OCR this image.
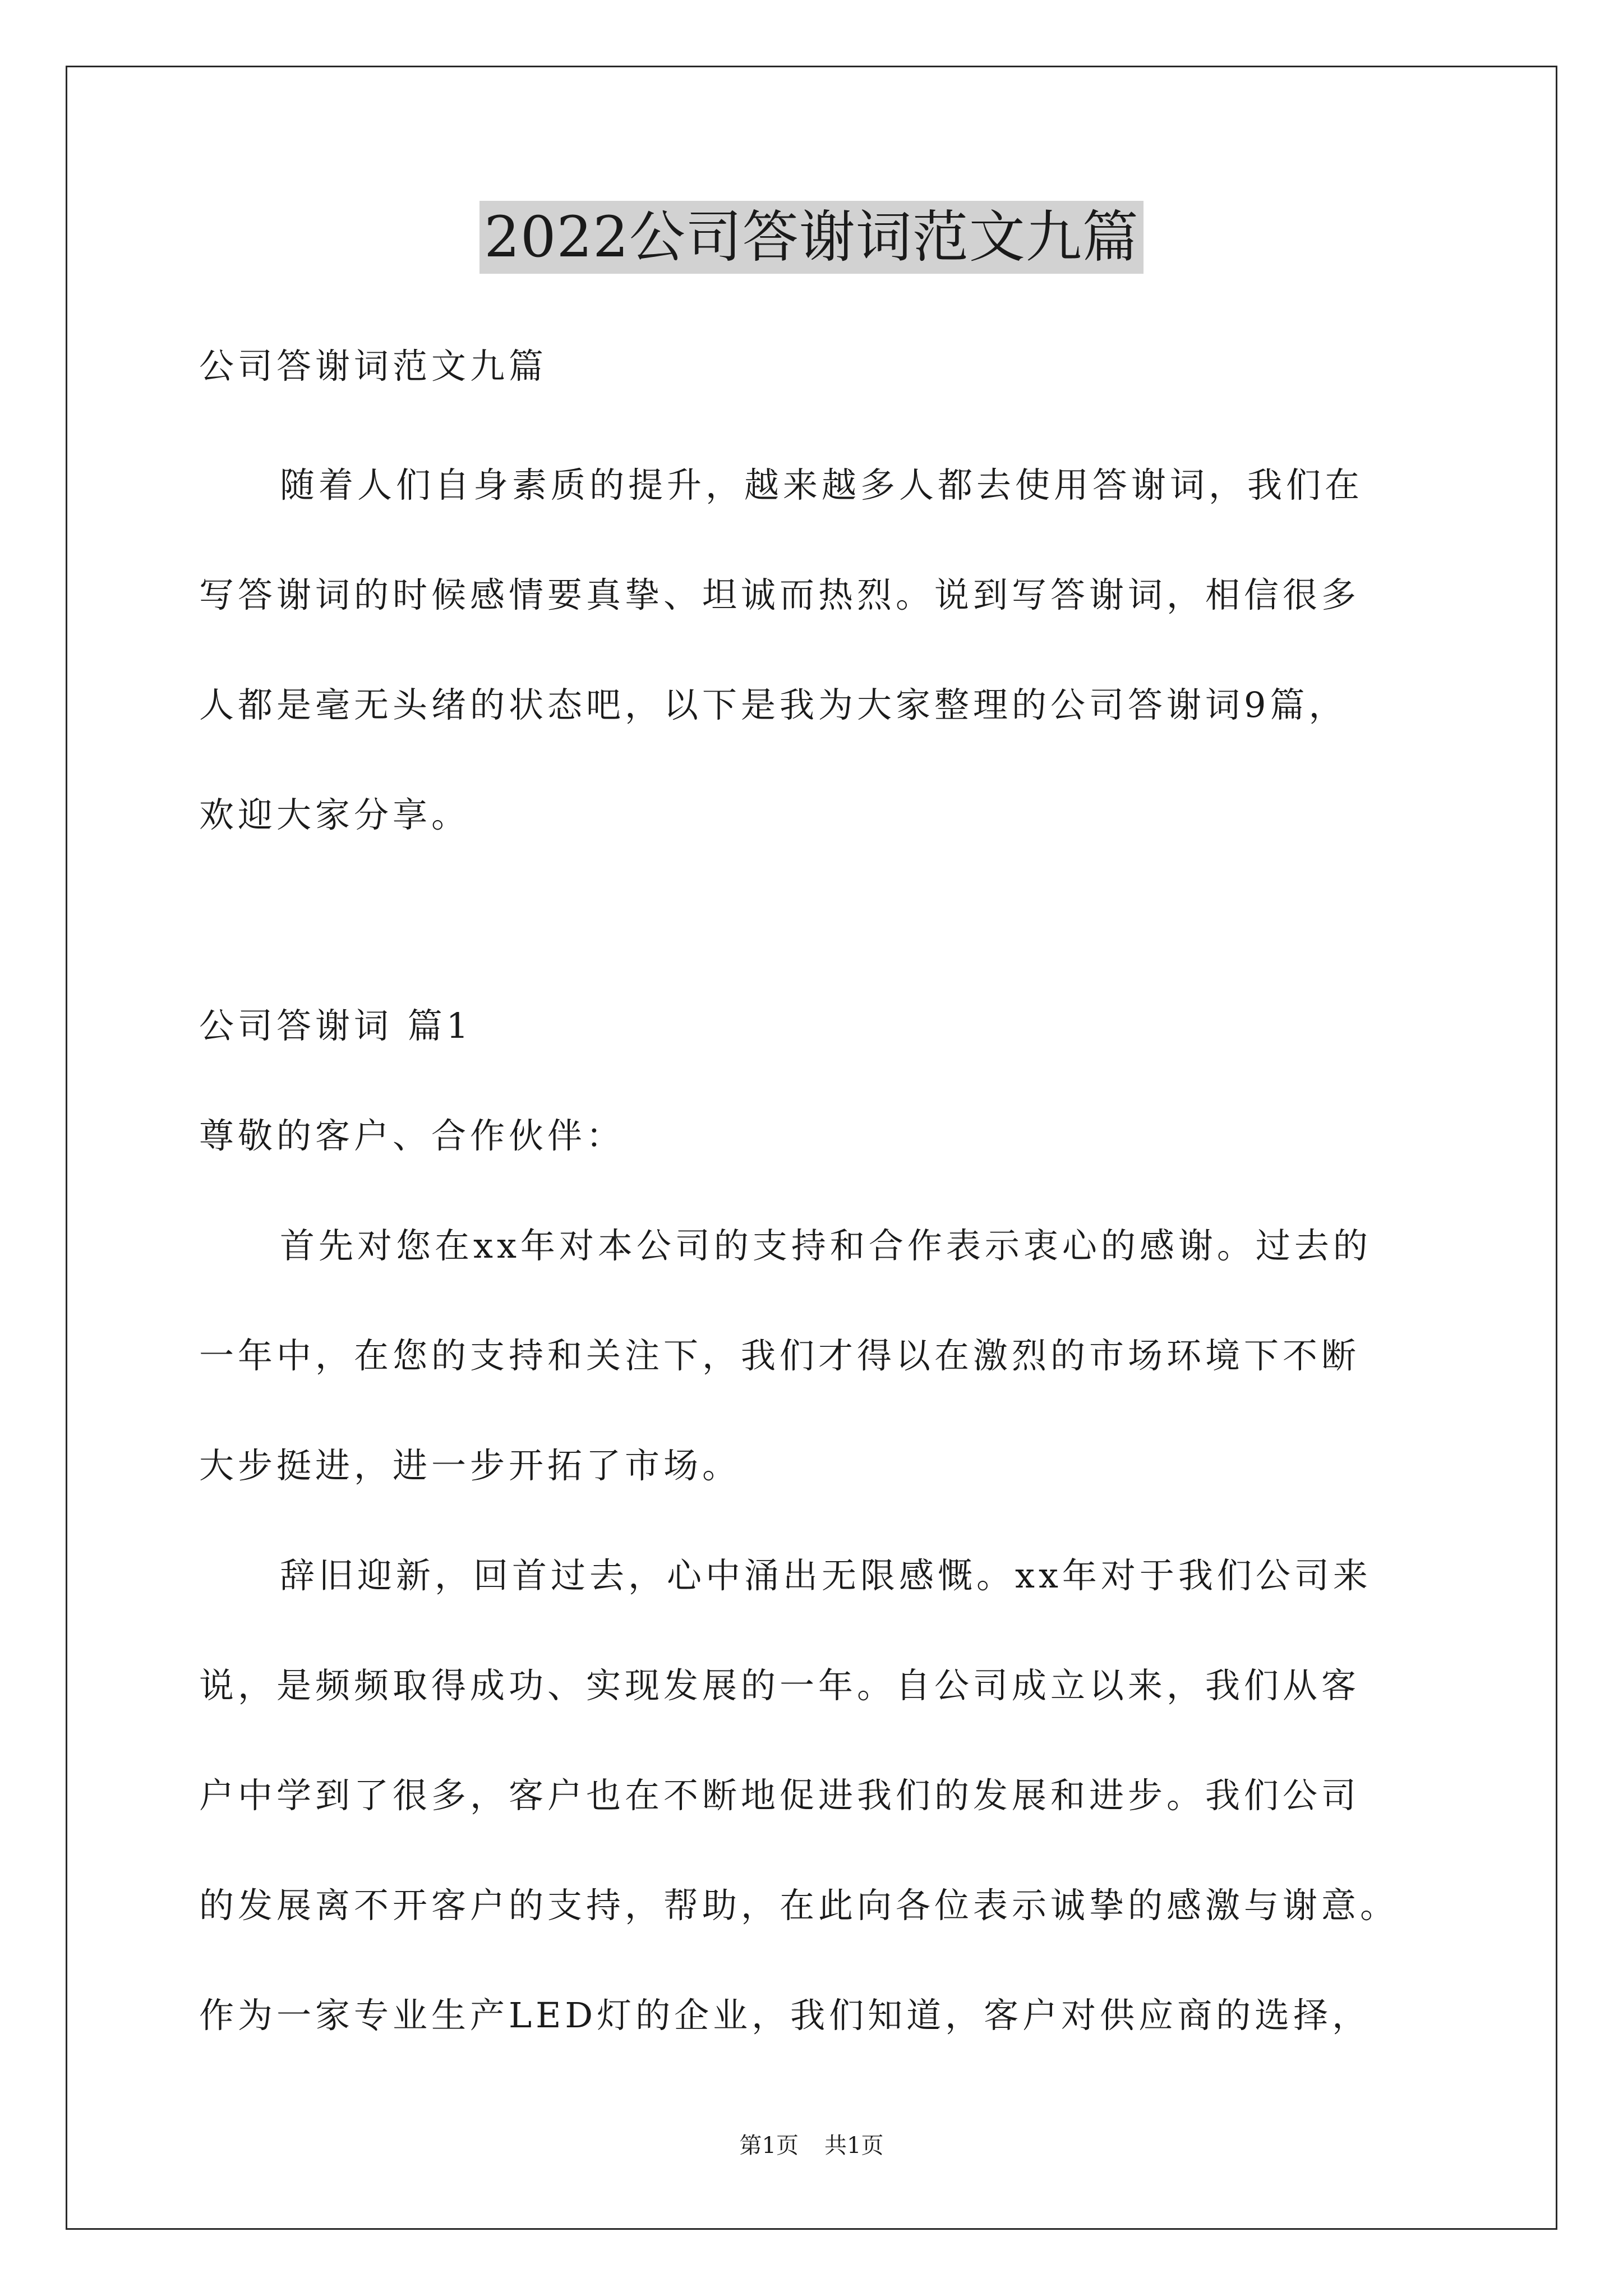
2022公司答谢词范文九篇

公司答谢词范文九篇

随着人们自身素质的提升，越来越多人都去使用答谢词，我们在

写答谢词的时候感情要真挚、坦诚而热烈。说到写答谢词，相信很多

人都是毫无头绪的状态吧，以下是我为大家整理的公司答谢词9篇，

欢迎大家分享。

公司答谢词 篇1

尊敬的客户、合作伙伴：

首先对您在xx年对本公司的支持和合作表示衷心的感谢。过去的

一年中，在您的支持和关注下，我们才得以在激烈的市场环境下不断

大步挺进，进一步开拓了市场。

辞旧迎新，回首过去，心中涌出无限感慨。xx年对于我们公司来

说，是频频取得成功、实现发展的一年。自公司成立以来，我们从客

户中学到了很多，客户也在不断地促进我们的发展和进步。我们公司

的发展离不开客户的支持，帮助，在此向各位表示诚挚的感激与谢意。

作为一家专业生产LED灯的企业，我们知道，客户对供应商的选择，

第1页 共1页
